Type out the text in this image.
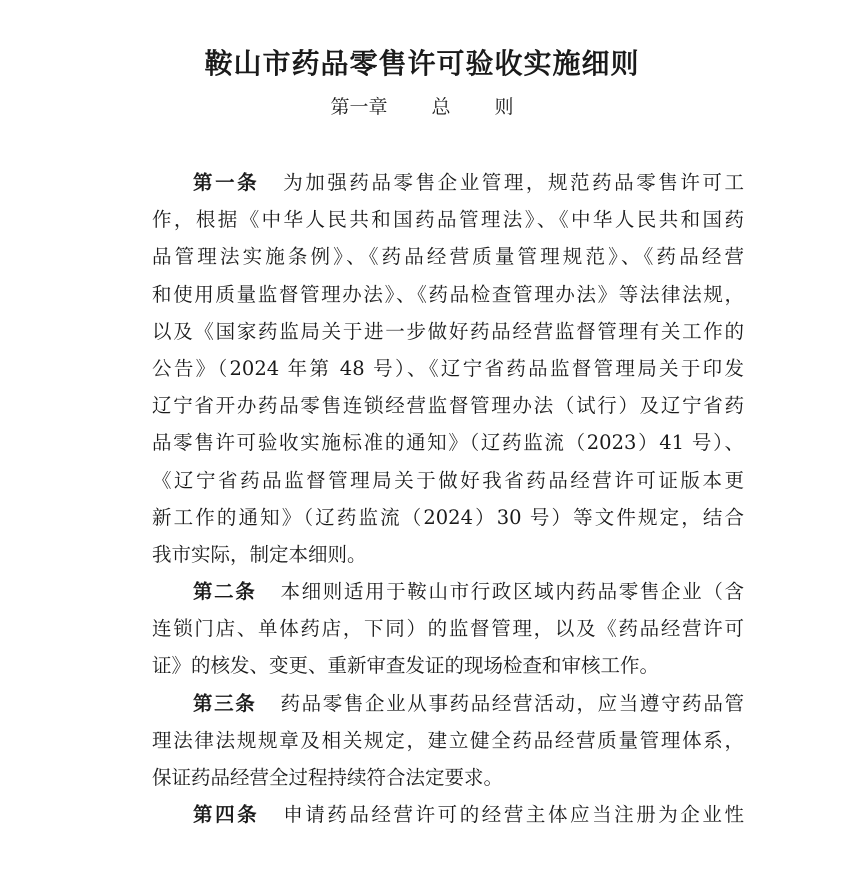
鞍山市药品零售许可验收实施细则
第一章 总 则
第一条 为加强药品零售企业管理，规范药品零售许可工
作，根据《中华人民共和国药品管理法》、《中华人民共和国药
品管理法实施条例》、《药品经营质量管理规范》、《药品经营
和使用质量监督管理办法》、《药品检查管理办法》等法律法规，
以及《国家药监局关于进一步做好药品经营监督管理有关工作的
公告》（2024 年第 48 号）、《辽宁省药品监督管理局关于印发
辽宁省开办药品零售连锁经营监督管理办法（试行）及辽宁省药
品零售许可验收实施标准的通知》（辽药监流（2023）41 号）、
《辽宁省药品监督管理局关于做好我省药品经营许可证版本更
新工作的通知》（辽药监流（2024）30 号）等文件规定，结合
我市实际，制定本细则。
第二条 本细则适用于鞍山市行政区域内药品零售企业（含
连锁门店、单体药店，下同）的监督管理，以及《药品经营许可
证》的核发、变更、重新审查发证的现场检查和审核工作。
第三条 药品零售企业从事药品经营活动，应当遵守药品管
理法律法规规章及相关规定，建立健全药品经营质量管理体系，
保证药品经营全过程持续符合法定要求。
第四条 申请药品经营许可的经营主体应当注册为企业性
